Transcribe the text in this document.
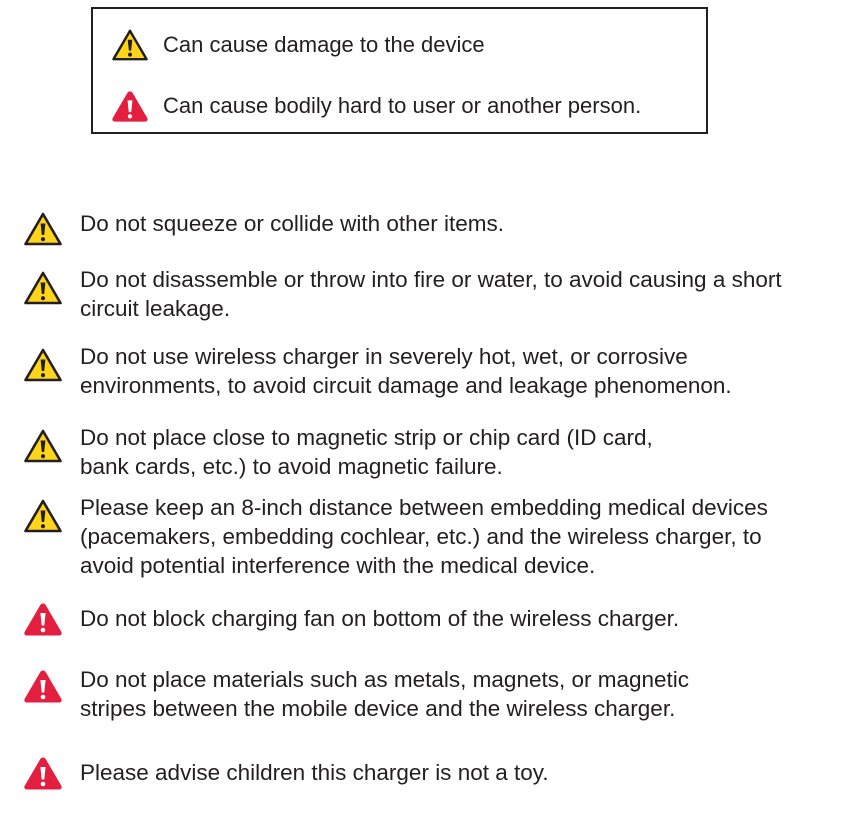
Can cause damage to the device
Can cause bodily hard to user or another person.
Do not squeeze or collide with other items.
Do not disassemble or throw into fire or water, to avoid causing a short
circuit leakage.
Do not use wireless charger in severely hot, wet, or corrosive
environments, to avoid circuit damage and leakage phenomenon.
Do not place close to magnetic strip or chip card (ID card,
bank cards, etc.) to avoid magnetic failure.
Please keep an 8-inch distance between embedding medical devices
(pacemakers, embedding cochlear, etc.) and the wireless charger, to
avoid potential interference with the medical device.
Do not block charging fan on bottom of the wireless charger.
Do not place materials such as metals, magnets, or magnetic
stripes between the mobile device and the wireless charger.
Please advise children this charger is not a toy.
